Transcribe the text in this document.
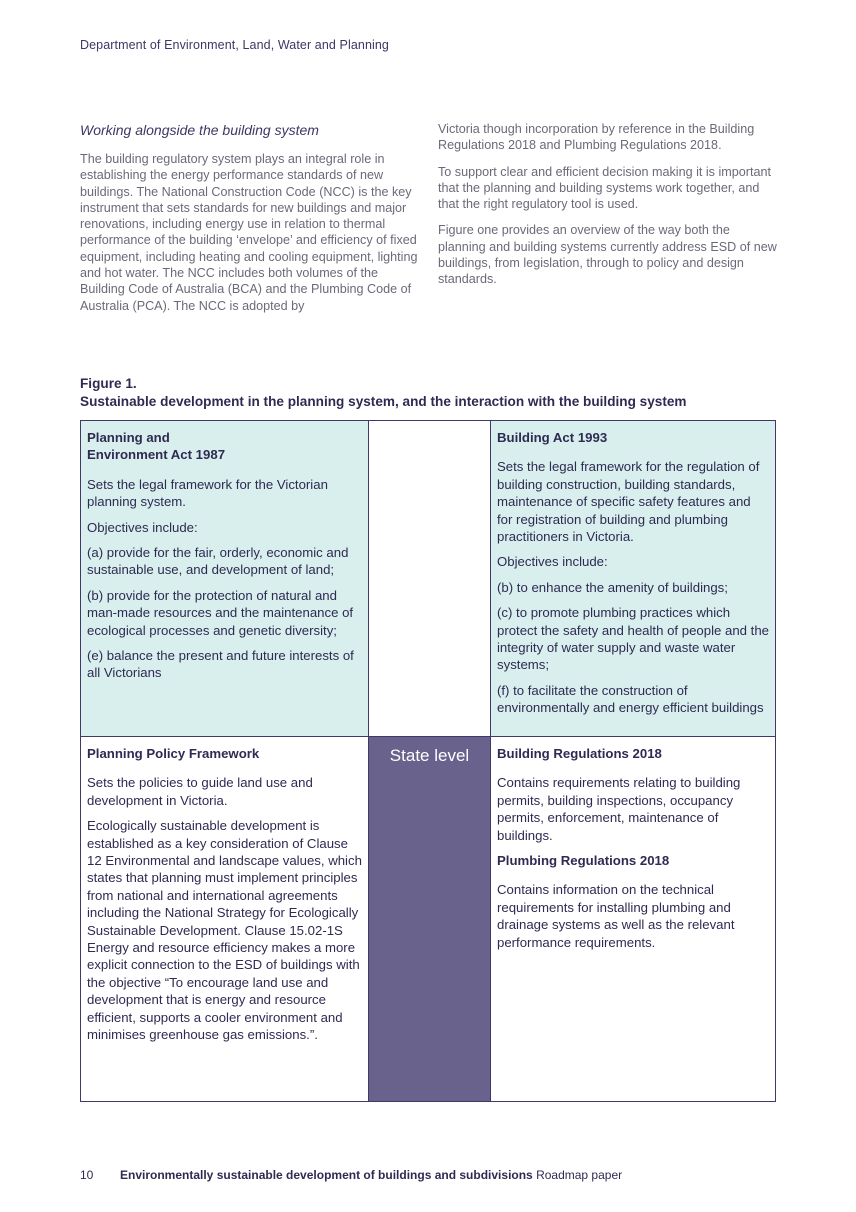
Department of Environment, Land, Water and Planning

Working alongside the building system

The building regulatory system plays an integral role in establishing the energy performance standards of new buildings. The National Construction Code (NCC) is the key instrument that sets standards for new buildings and major renovations, including energy use in relation to thermal performance of the building ‘envelope’ and efficiency of fixed equipment, including heating and cooling equipment, lighting and hot water. The NCC includes both volumes of the Building Code of Australia (BCA) and the Plumbing Code of Australia (PCA). The NCC is adopted by

Victoria though incorporation by reference in the Building Regulations 2018 and Plumbing Regulations 2018.

To support clear and efficient decision making it is important that the planning and building systems work together, and that the right regulatory tool is used.

Figure one provides an overview of the way both the planning and building systems currently address ESD of new buildings, from legislation, through to policy and design standards.

Figure 1.
Sustainable development in the planning system, and the interaction with the building system
Planning and
Environment Act 1987

Sets the legal framework for the Victorian planning system.

Objectives include:

(a) provide for the fair, orderly, economic and sustainable use, and development of land;

(b) provide for the protection of natural and man-made resources and the maintenance of ecological processes and genetic diversity;

(e) balance the present and future interests of all Victorians

Building Act 1993

Sets the legal framework for the regulation of building construction, building standards, maintenance of specific safety features and for registration of building and plumbing practitioners in Victoria.

Objectives include:

(b) to enhance the amenity of buildings;

(c) to promote plumbing practices which protect the safety and health of people and the integrity of water supply and waste water systems;

(f) to facilitate the construction of environmentally and energy efficient buildings

Planning Policy Framework

Sets the policies to guide land use and development in Victoria.

Ecologically sustainable development is established as a key consideration of Clause 12 Environmental and landscape values, which states that planning must implement principles from national and international agreements including the National Strategy for Ecologically Sustainable Development. Clause 15.02-1S Energy and resource efficiency makes a more explicit connection to the ESD of buildings with the objective “To encourage land use and development that is energy and resource efficient, supports a cooler environment and minimises greenhouse gas emissions.”.

State level	Building Regulations 2018

Contains requirements relating to building permits, building inspections, occupancy permits, enforcement, maintenance of buildings.

Plumbing Regulations 2018

Contains information on the technical requirements for installing plumbing and drainage systems as well as the relevant performance requirements.

10 Environmentally sustainable development of buildings and subdivisions Roadmap paper
